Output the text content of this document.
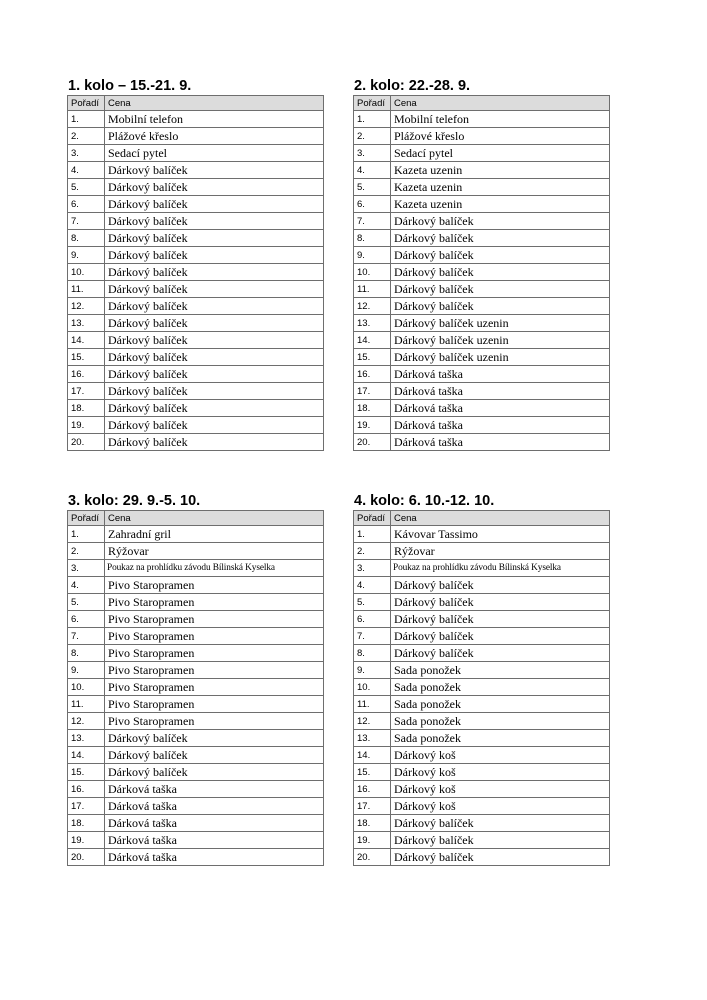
1. kolo – 15.-21. 9.
Pořadí	Cena
1.	Mobilní telefon
2.	Plážové křeslo
3.	Sedací pytel
4.	Dárkový balíček
5.	Dárkový balíček
6.	Dárkový balíček
7.	Dárkový balíček
8.	Dárkový balíček
9.	Dárkový balíček
10.	Dárkový balíček
11.	Dárkový balíček
12.	Dárkový balíček
13.	Dárkový balíček
14.	Dárkový balíček
15.	Dárkový balíček
16.	Dárkový balíček
17.	Dárkový balíček
18.	Dárkový balíček
19.	Dárkový balíček
20.	Dárkový balíček
2. kolo: 22.-28. 9.
Pořadí	Cena
1.	Mobilní telefon
2.	Plážové křeslo
3.	Sedací pytel
4.	Kazeta uzenin
5.	Kazeta uzenin
6.	Kazeta uzenin
7.	Dárkový balíček
8.	Dárkový balíček
9.	Dárkový balíček
10.	Dárkový balíček
11.	Dárkový balíček
12.	Dárkový balíček
13.	Dárkový balíček uzenin
14.	Dárkový balíček uzenin
15.	Dárkový balíček uzenin
16.	Dárková taška
17.	Dárková taška
18.	Dárková taška
19.	Dárková taška
20.	Dárková taška
3. kolo: 29. 9.-5. 10.
Pořadí	Cena
1.	Zahradní gril
2.	Rýžovar
3.	Poukaz na prohlídku závodu Bílinská Kyselka
4.	Pivo Staropramen
5.	Pivo Staropramen
6.	Pivo Staropramen
7.	Pivo Staropramen
8.	Pivo Staropramen
9.	Pivo Staropramen
10.	Pivo Staropramen
11.	Pivo Staropramen
12.	Pivo Staropramen
13.	Dárkový balíček
14.	Dárkový balíček
15.	Dárkový balíček
16.	Dárková taška
17.	Dárková taška
18.	Dárková taška
19.	Dárková taška
20.	Dárková taška
4. kolo: 6. 10.-12. 10.
Pořadí	Cena
1.	Kávovar Tassimo
2.	Rýžovar
3.	Poukaz na prohlídku závodu Bílinská Kyselka
4.	Dárkový balíček
5.	Dárkový balíček
6.	Dárkový balíček
7.	Dárkový balíček
8.	Dárkový balíček
9.	Sada ponožek
10.	Sada ponožek
11.	Sada ponožek
12.	Sada ponožek
13.	Sada ponožek
14.	Dárkový koš
15.	Dárkový koš
16.	Dárkový koš
17.	Dárkový koš
18.	Dárkový balíček
19.	Dárkový balíček
20.	Dárkový balíček
